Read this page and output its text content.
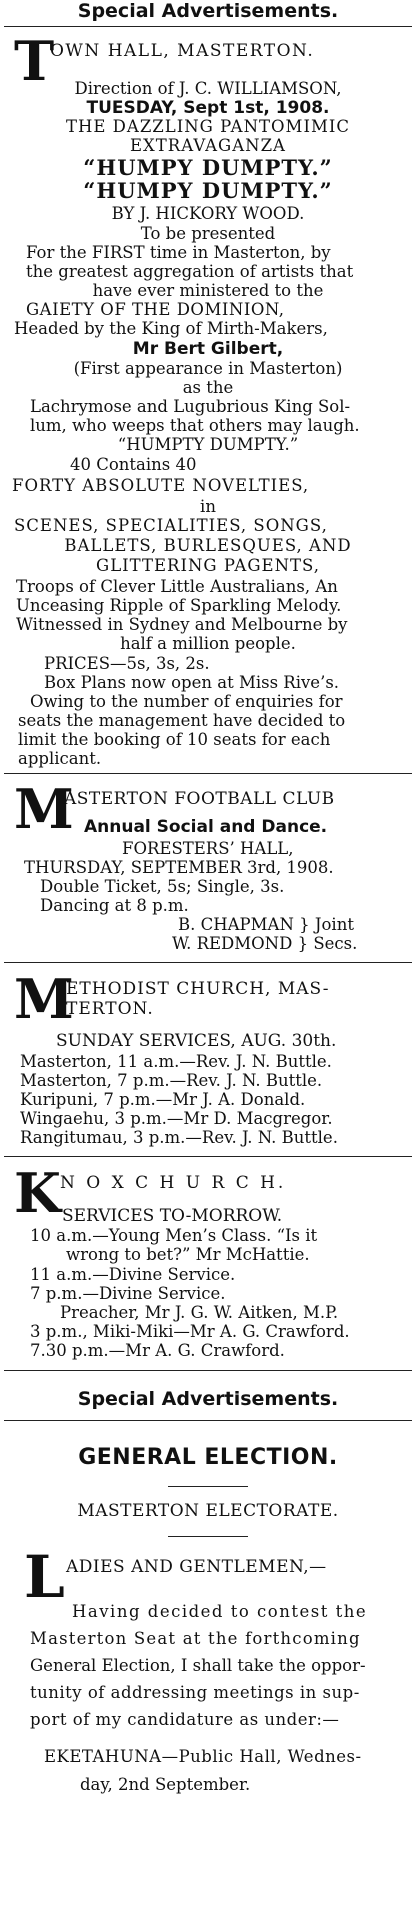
Special Advertisements.
T
OWN HALL, MASTERTON.
Direction of J. C. WILLIAMSON,
TUESDAY, Sept 1st, 1908.
THE DAZZLING PANTOMIMIC
EXTRAVAGANZA
“HUMPY DUMPTY.”
“HUMPY DUMPTY.”
BY J. HICKORY WOOD.
To be presented
For the FIRST time in Masterton, by
the greatest aggregation of artists that
have ever ministered to the
GAIETY OF THE DOMINION,
Headed by the King of Mirth-Makers,
Mr Bert Gilbert,
(First appearance in Masterton)
as the
Lachrymose and Lugubrious King Sol-
lum, who weeps that others may laugh.
“HUMPTY DUMPTY.”
40 Contains 40
FORTY ABSOLUTE NOVELTIES,
in
SCENES, SPECIALITIES, SONGS,
BALLETS, BURLESQUES, AND
GLITTERING PAGENTS,
Troops of Clever Little Australians, An
Unceasing Ripple of Sparkling Melody.
Witnessed in Sydney and Melbourne by
half a million people.
PRICES—5s, 3s, 2s.
Box Plans now open at Miss Rive’s.
Owing to the number of enquiries for
seats the management have decided to
limit the booking of 10 seats for each
applicant.
M
ASTERTON FOOTBALL CLUB
Annual Social and Dance.
FORESTERS’ HALL,
THURSDAY, SEPTEMBER 3rd, 1908.
Double Ticket, 5s; Single, 3s.
Dancing at 8 p.m.
B. CHAPMAN } Joint
W. REDMOND } Secs.
M
ETHODIST CHURCH, MAS-
TERTON.
SUNDAY SERVICES, AUG. 30th.
Masterton, 11 a.m.—Rev. J. N. Buttle.
Masterton, 7 p.m.—Rev. J. N. Buttle.
Kuripuni, 7 p.m.—Mr J. A. Donald.
Wingaehu, 3 p.m.—Mr D. Macgregor.
Rangitumau, 3 p.m.—Rev. J. N. Buttle.
K N O X C H U R C H.
SERVICES TO-MORROW.
10 a.m.—Young Men’s Class. “Is it
wrong to bet?” Mr McHattie.
11 a.m.—Divine Service.
7 p.m.—Divine Service.
Preacher, Mr J. G. W. Aitken, M.P.
3 p.m., Miki-Miki—Mr A. G. Crawford.
7.30 p.m.—Mr A. G. Crawford.
Special Advertisements.
GENERAL ELECTION.
MASTERTON ELECTORATE.
L ADIES AND GENTLEMEN,—
Having decided to contest the
Masterton Seat at the forthcoming
General Election, I shall take the oppor-
tunity of addressing meetings in sup-
port of my candidature as under:—
EKETAHUNA—Public Hall, Wednes-
day, 2nd September.
